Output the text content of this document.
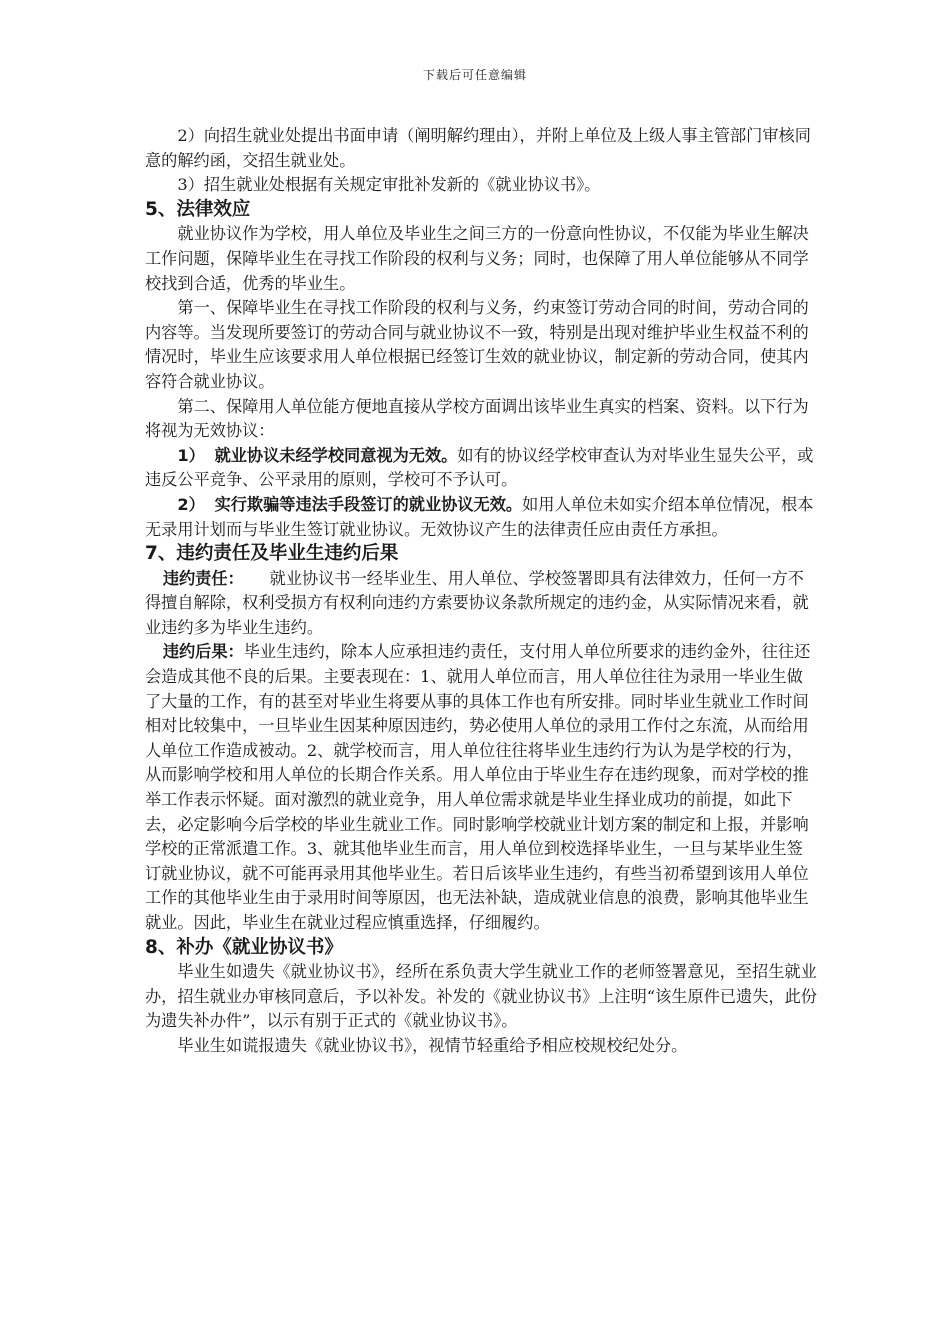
下载后可任意编辑

2）向招生就业处提出书面申请（阐明解约理由），并附上单位及上级人事主管部门审核同意的解约函，交招生就业处。

3）招生就业处根据有关规定审批补发新的《就业协议书》。

5、法律效应

就业协议作为学校，用人单位及毕业生之间三方的一份意向性协议，不仅能为毕业生解决工作问题，保障毕业生在寻找工作阶段的权利与义务；同时，也保障了用人单位能够从不同学校找到合适，优秀的毕业生。

第一、保障毕业生在寻找工作阶段的权利与义务，约束签订劳动合同的时间，劳动合同的内容等。当发现所要签订的劳动合同与就业协议不一致，特别是出现对维护毕业生权益不利的情况时，毕业生应该要求用人单位根据已经签订生效的就业协议，制定新的劳动合同，使其内容符合就业协议。

第二、保障用人单位能方便地直接从学校方面调出该毕业生真实的档案、资料。以下行为将视为无效协议：

1） 就业协议未经学校同意视为无效。如有的协议经学校审查认为对毕业生显失公平，或违反公平竞争、公平录用的原则，学校可不予认可。

2） 实行欺骗等违法手段签订的就业协议无效。如用人单位未如实介绍本单位情况，根本无录用计划而与毕业生签订就业协议。无效协议产生的法律责任应由责任方承担。

7、违约责任及毕业生违约后果

违约责任： 就业协议书一经毕业生、用人单位、学校签署即具有法律效力，任何一方不得擅自解除，权利受损方有权利向违约方索要协议条款所规定的违约金，从实际情况来看，就业违约多为毕业生违约。

违约后果：毕业生违约，除本人应承担违约责任，支付用人单位所要求的违约金外，往往还会造成其他不良的后果。主要表现在：1、就用人单位而言，用人单位往往为录用一毕业生做了大量的工作，有的甚至对毕业生将要从事的具体工作也有所安排。同时毕业生就业工作时间相对比较集中，一旦毕业生因某种原因违约，势必使用人单位的录用工作付之东流，从而给用人单位工作造成被动。2、就学校而言，用人单位往往将毕业生违约行为认为是学校的行为，从而影响学校和用人单位的长期合作关系。用人单位由于毕业生存在违约现象，而对学校的推举工作表示怀疑。面对激烈的就业竞争，用人单位需求就是毕业生择业成功的前提，如此下去，必定影响今后学校的毕业生就业工作。同时影响学校就业计划方案的制定和上报，并影响学校的正常派遣工作。3、就其他毕业生而言，用人单位到校选择毕业生，一旦与某毕业生签订就业协议，就不可能再录用其他毕业生。若日后该毕业生违约，有些当初希望到该用人单位工作的其他毕业生由于录用时间等原因，也无法补缺，造成就业信息的浪费，影响其他毕业生就业。因此，毕业生在就业过程应慎重选择，仔细履约。

8、补办《就业协议书》

毕业生如遗失《就业协议书》，经所在系负责大学生就业工作的老师签署意见，至招生就业办，招生就业办审核同意后，予以补发。补发的《就业协议书》上注明“该生原件已遗失，此份为遗失补办件”，以示有别于正式的《就业协议书》。

毕业生如谎报遗失《就业协议书》，视情节轻重给予相应校规校纪处分。
